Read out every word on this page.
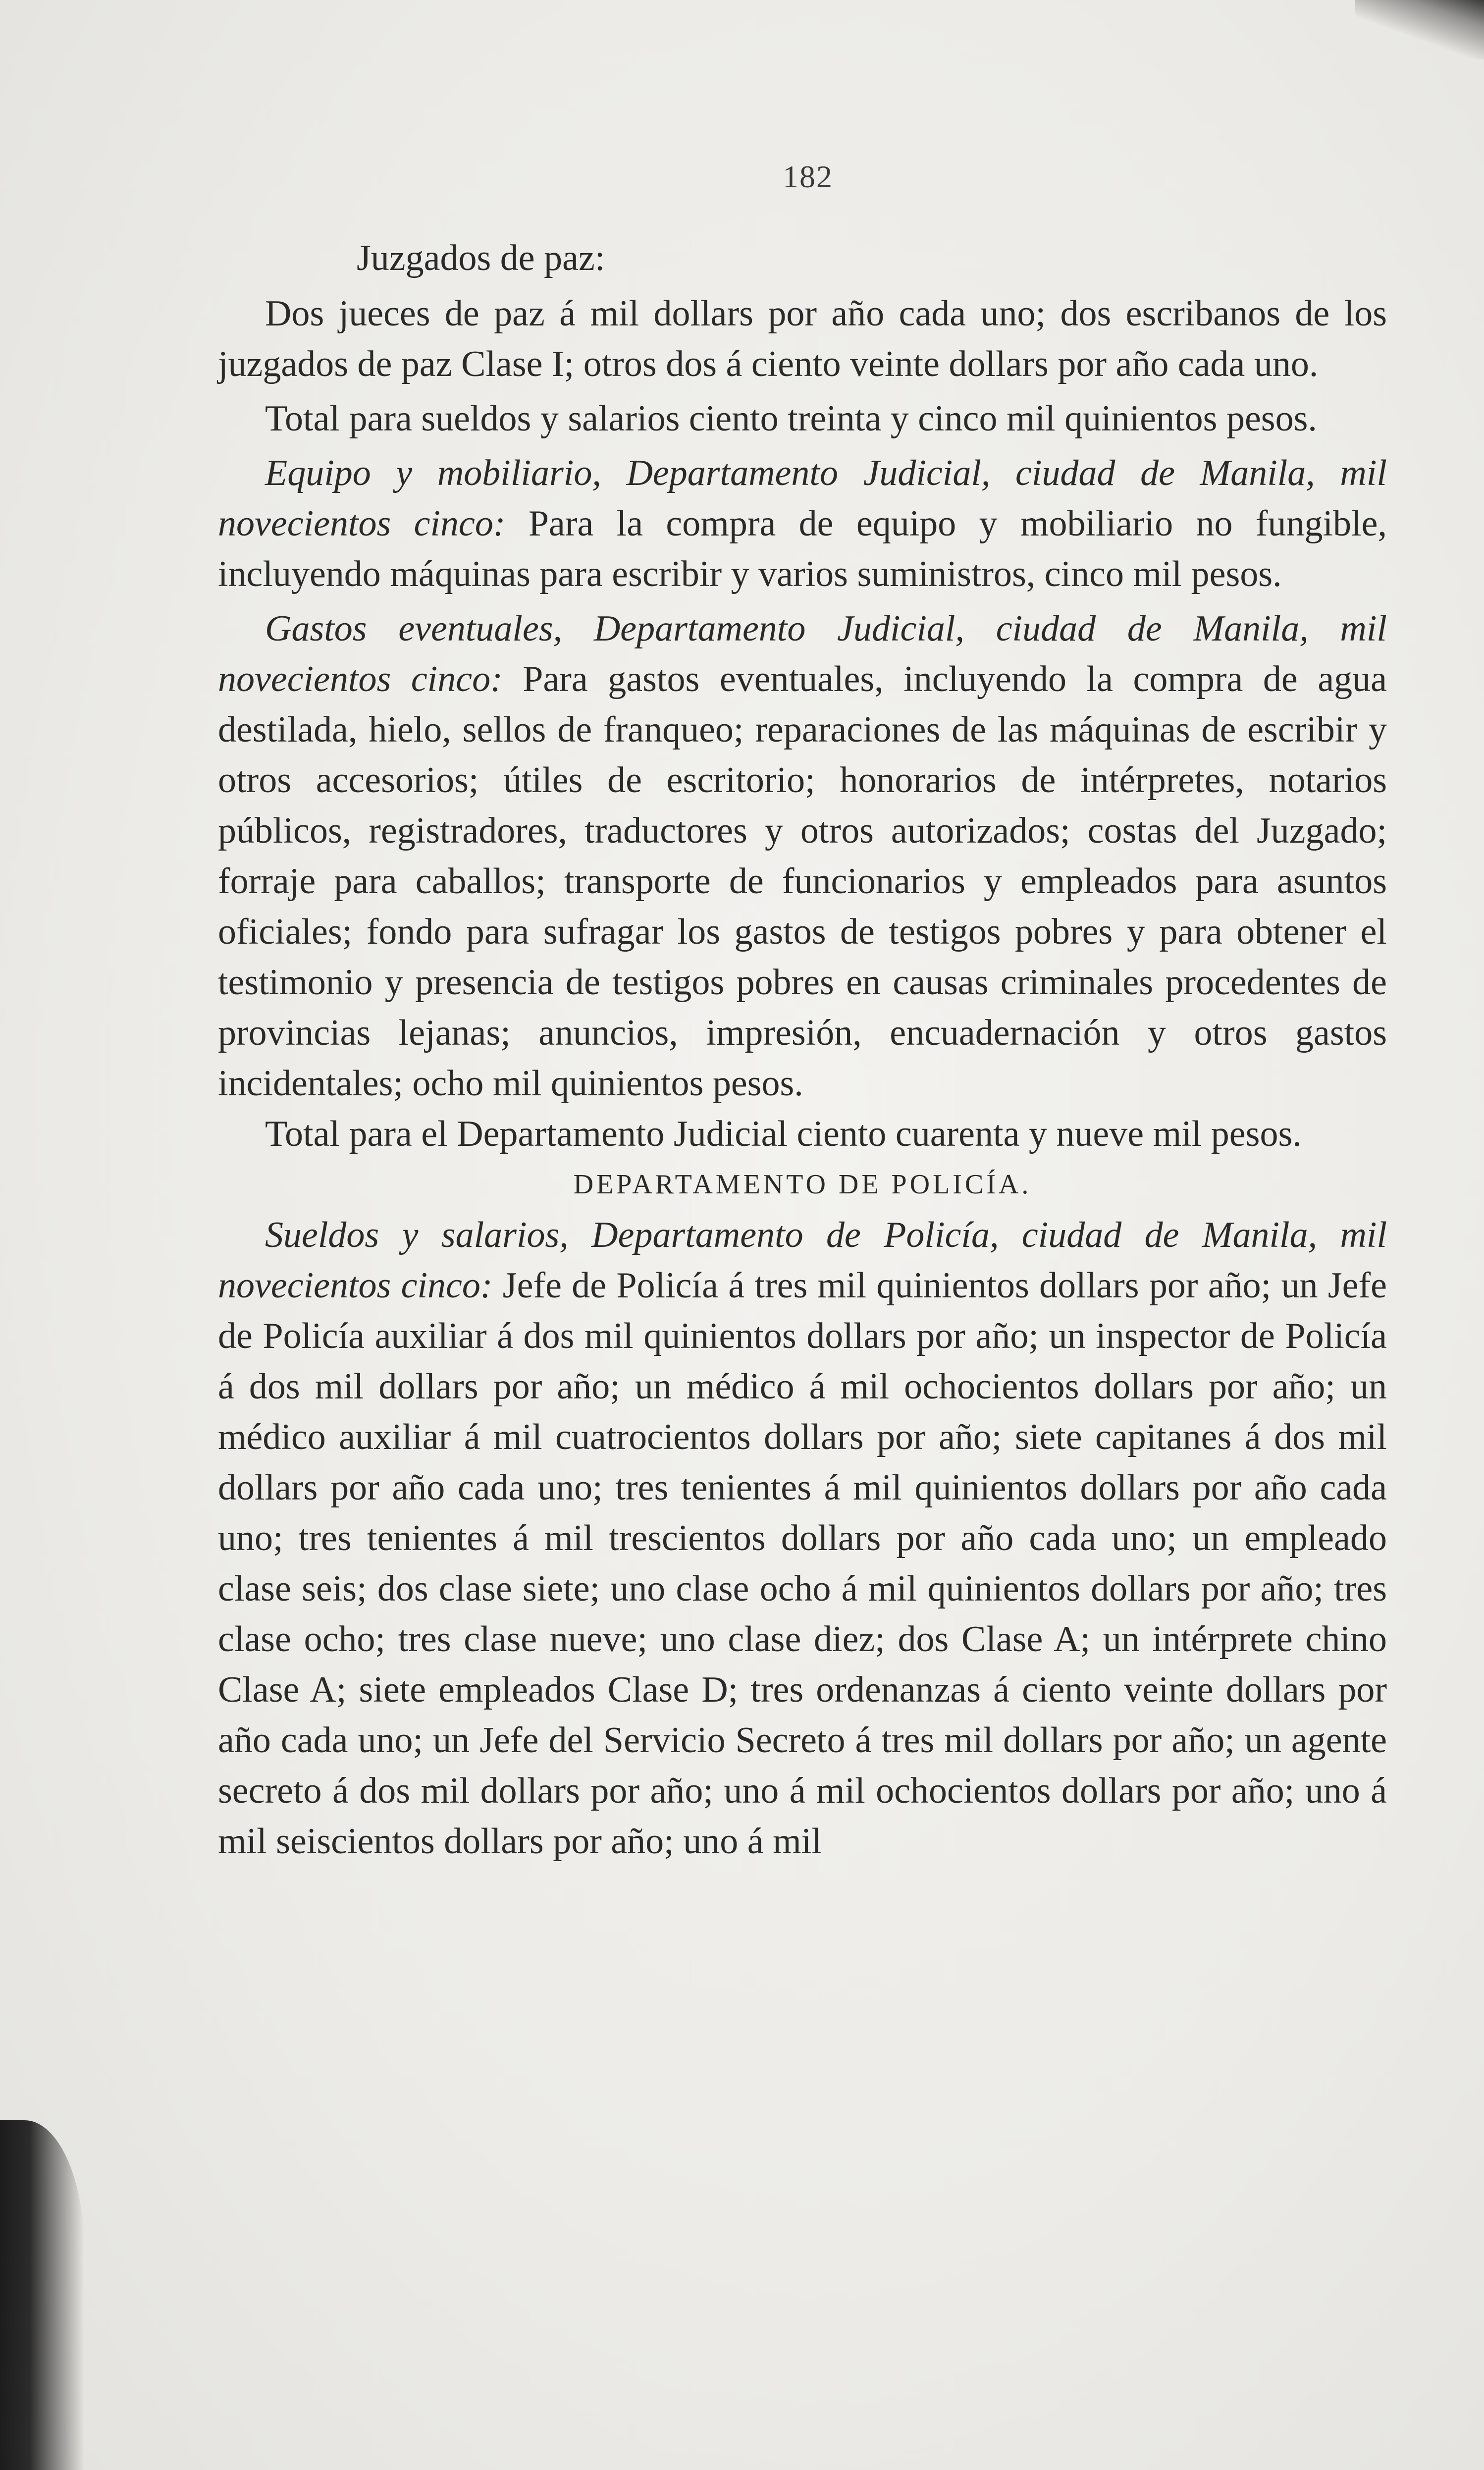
182

Juzgados de paz:

Dos jueces de paz á mil dollars por año cada uno; dos escribanos de los juzgados de paz Clase I; otros dos á ciento veinte dollars por año cada uno.

Total para sueldos y salarios ciento treinta y cinco mil quinientos pesos.

Equipo y mobiliario, Departamento Judicial, ciudad de Manila, mil novecientos cinco: Para la compra de equipo y mobiliario no fungible, incluyendo máquinas para escribir y varios suministros, cinco mil pesos.

Gastos eventuales, Departamento Judicial, ciudad de Manila, mil novecientos cinco: Para gastos eventuales, incluyendo la compra de agua destilada, hielo, sellos de franqueo; reparaciones de las máquinas de escribir y otros accesorios; útiles de escritorio; honorarios de intérpretes, notarios públicos, registradores, traductores y otros autorizados; costas del Juzgado; forraje para caballos; transporte de funcionarios y empleados para asuntos oficiales; fondo para sufragar los gastos de testigos pobres y para obtener el testimonio y presencia de testigos pobres en causas criminales procedentes de provincias lejanas; anuncios, impresión, encuadernación y otros gastos incidentales; ocho mil quinientos pesos.

Total para el Departamento Judicial ciento cuarenta y nueve mil pesos.

DEPARTAMENTO DE POLICÍA.

Sueldos y salarios, Departamento de Policía, ciudad de Manila, mil novecientos cinco: Jefe de Policía á tres mil quinientos dollars por año; un Jefe de Policía auxiliar á dos mil quinientos dollars por año; un inspector de Policía á dos mil dollars por año; un médico á mil ochocientos dollars por año; un médico auxiliar á mil cuatrocientos dollars por año; siete capitanes á dos mil dollars por año cada uno; tres tenientes á mil quinientos dollars por año cada uno; tres tenientes á mil trescientos dollars por año cada uno; un empleado clase seis; dos clase siete; uno clase ocho á mil quinientos dollars por año; tres clase ocho; tres clase nueve; uno clase diez; dos Clase A; un intérprete chino Clase A; siete empleados Clase D; tres ordenanzas á ciento veinte dollars por año cada uno; un Jefe del Servicio Secreto á tres mil dollars por año; un agente secreto á dos mil dollars por año; uno á mil ochocientos dollars por año; uno á mil seiscientos dollars por año; uno á mil
